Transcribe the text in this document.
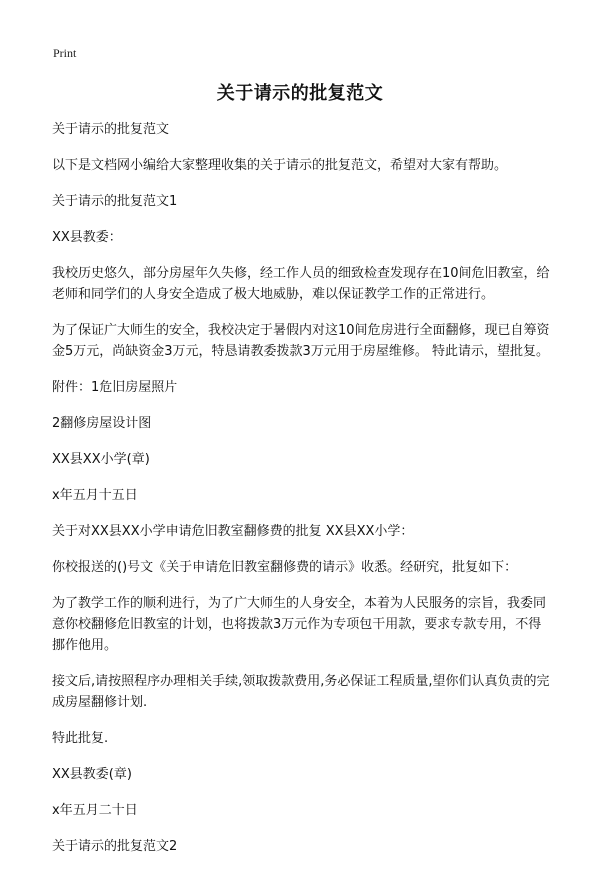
Print
关于请示的批复范文

关于请示的批复范文

以下是文档网小编给大家整理收集的关于请示的批复范文，希望对大家有帮助。

关于请示的批复范文1

XX县教委：

我校历史悠久，部分房屋年久失修，经工作人员的细致检查发现存在10间危旧教室，给老师和同学们的人身安全造成了极大地威胁，难以保证教学工作的正常进行。

为了保证广大师生的安全，我校决定于暑假内对这10间危房进行全面翻修，现已自筹资金5万元，尚缺资金3万元，特恳请教委拨款3万元用于房屋维修。 特此请示，望批复。

附件：1危旧房屋照片

2翻修房屋设计图

XX县XX小学(章)

x年五月十五日

关于对XX县XX小学申请危旧教室翻修费的批复 XX县XX小学：

你校报送的()号文《关于申请危旧教室翻修费的请示》收悉。经研究，批复如下：

为了教学工作的顺利进行，为了广大师生的人身安全，本着为人民服务的宗旨，我委同意你校翻修危旧教室的计划，也将拨款3万元作为专项包干用款，要求专款专用，不得挪作他用。

接文后,请按照程序办理相关手续,领取拨款费用,务必保证工程质量,望你们认真负责的完成房屋翻修计划.

特此批复.

XX县教委(章)

x年五月二十日

关于请示的批复范文2
